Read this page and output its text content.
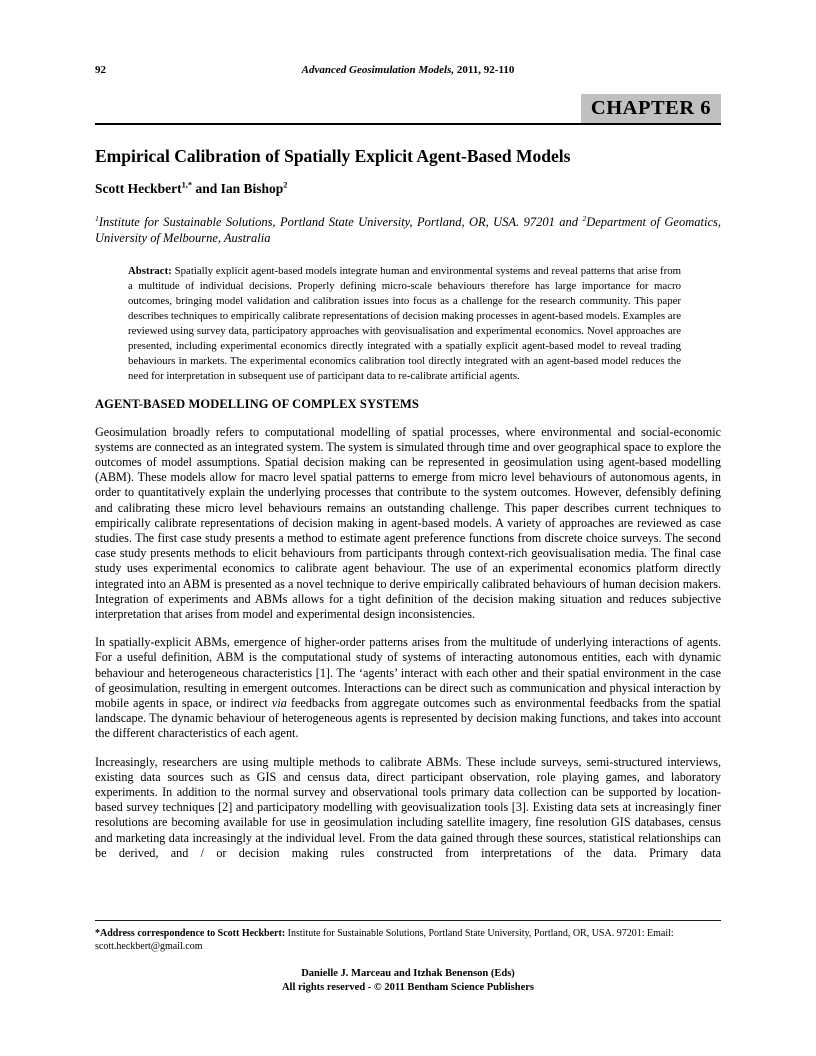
92	Advanced Geosimulation Models, 2011, 92-110
CHAPTER 6
Empirical Calibration of Spatially Explicit Agent-Based Models
Scott Heckbert$^{1,*}$ and Ian Bishop$^2$
$^1$Institute for Sustainable Solutions, Portland State University, Portland, OR, USA. 97201 and $^2$Department of Geomatics, University of Melbourne, Australia
Abstract: Spatially explicit agent-based models integrate human and environmental systems and reveal patterns that arise from a multitude of individual decisions. Properly defining micro-scale behaviours therefore has large importance for macro outcomes, bringing model validation and calibration issues into focus as a challenge for the research community. This paper describes techniques to empirically calibrate representations of decision making processes in agent-based models. Examples are reviewed using survey data, participatory approaches with geovisualisation and experimental economics. Novel approaches are presented, including experimental economics directly integrated with a spatially explicit agent-based model to reveal trading behaviours in markets. The experimental economics calibration tool directly integrated with an agent-based model reduces the need for interpretation in subsequent use of participant data to re-calibrate artificial agents.
AGENT-BASED MODELLING OF COMPLEX SYSTEMS

Geosimulation broadly refers to computational modelling of spatial processes, where environmental and social-economic systems are connected as an integrated system. The system is simulated through time and over geographical space to explore the outcomes of model assumptions. Spatial decision making can be represented in geosimulation using agent-based modelling (ABM). These models allow for macro level spatial patterns to emerge from micro level behaviours of autonomous agents, in order to quantitatively explain the underlying processes that contribute to the system outcomes. However, defensibly defining and calibrating these micro level behaviours remains an outstanding challenge. This paper describes current techniques to empirically calibrate representations of decision making in agent-based models. A variety of approaches are reviewed as case studies. The first case study presents a method to estimate agent preference functions from discrete choice surveys. The second case study presents methods to elicit behaviours from participants through context-rich geovisualisation media. The final case study uses experimental economics to calibrate agent behaviour. The use of an experimental economics platform directly integrated into an ABM is presented as a novel technique to derive empirically calibrated behaviours of human decision makers. Integration of experiments and ABMs allows for a tight definition of the decision making situation and reduces subjective interpretation that arises from model and experimental design inconsistencies.

In spatially-explicit ABMs, emergence of higher-order patterns arises from the multitude of underlying interactions of agents. For a useful definition, ABM is the computational study of systems of interacting autonomous entities, each with dynamic behaviour and heterogeneous characteristics [1]. The ‘agents’ interact with each other and their spatial environment in the case of geosimulation, resulting in emergent outcomes. Interactions can be direct such as communication and physical interaction by mobile agents in space, or indirect via feedbacks from aggregate outcomes such as environmental feedbacks from the spatial landscape. The dynamic behaviour of heterogeneous agents is represented by decision making functions, and takes into account the different characteristics of each agent.

Increasingly, researchers are using multiple methods to calibrate ABMs. These include surveys, semi-structured interviews, existing data sources such as GIS and census data, direct participant observation, role playing games, and laboratory experiments. In addition to the normal survey and observational tools primary data collection can be supported by location-based survey techniques [2] and participatory modelling with geovisualization tools [3]. Existing data sets at increasingly finer resolutions are becoming available for use in geosimulation including satellite imagery, fine resolution GIS databases, census and marketing data increasingly at the individual level. From the data gained through these sources, statistical relationships can be derived, and / or decision making rules constructed from interpretations of the data. Primary data

*Address correspondence to Scott Heckbert: Institute for Sustainable Solutions, Portland State University, Portland, OR, USA. 97201: Email: scott.heckbert@gmail.com
Danielle J. Marceau and Itzhak Benenson (Eds)
All rights reserved - © 2011 Bentham Science Publishers
